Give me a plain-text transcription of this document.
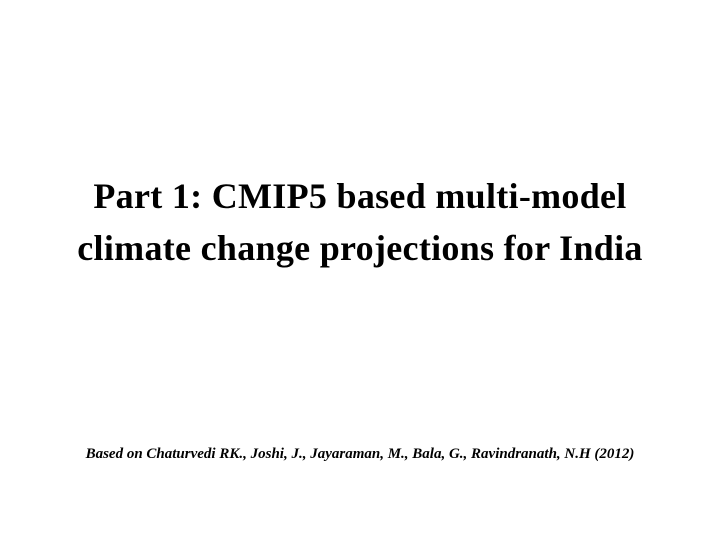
Part 1: CMIP5 based multi-model
climate change projections for India
Based on Chaturvedi RK., Joshi, J., Jayaraman, M., Bala, G., Ravindranath, N.H (2012)
